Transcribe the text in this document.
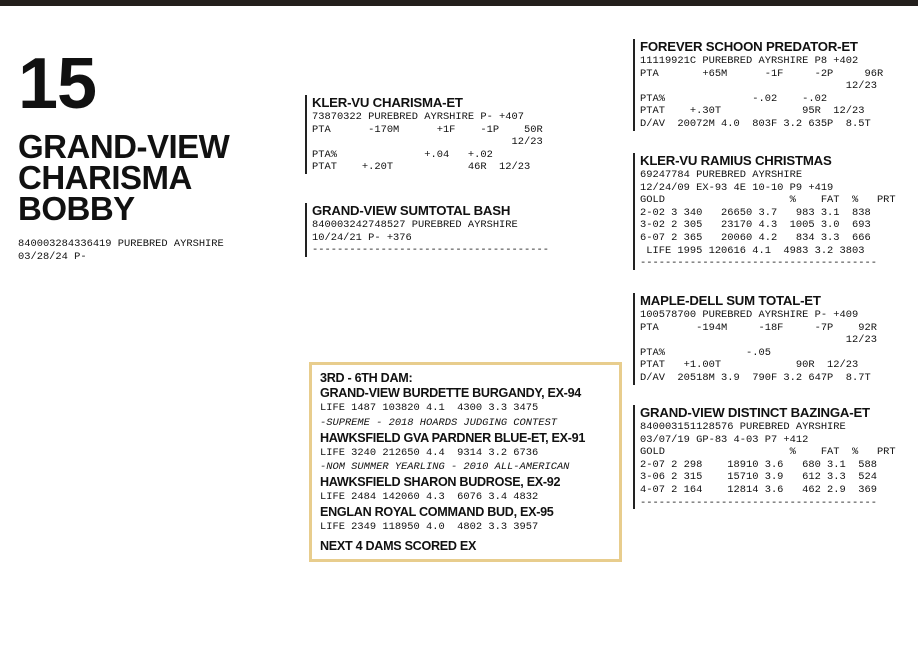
15
GRAND-VIEW
CHARISMA
BOBBY
840003284336419 PUREBRED AYRSHIRE
03/28/24 P-
KLER-VU CHARISMA-ET
73870322 PUREBRED AYRSHIRE P- +407
PTA      -170M      +1F    -1P    50R
12/23
PTA%              +.04   +.02
PTAT    +.20T            46R  12/23
GRAND-VIEW SUMTOTAL BASH
840003242748527 PUREBRED AYRSHIRE
10/24/21 P- +376
--------------------------------------
FOREVER SCHOON PREDATOR-ET
11119921C PUREBRED AYRSHIRE P8 +402
PTA       +65M      -1F     -2P     96R
12/23
PTA%              -.02    -.02
PTAT    +.30T             95R  12/23
D/AV  20072M 4.0  803F 3.2 635P  8.5T
KLER-VU RAMIUS CHRISTMAS
69247784 PUREBRED AYRSHIRE
12/24/09 EX-93 4E 10-10 P9 +419
GOLD                    %    FAT  %   PRT
2-02 3 340   26650 3.7   983 3.1  838
3-02 2 305   23170 4.3  1005 3.0  693
6-07 2 365   20060 4.2   834 3.3  666
LIFE 1995 120616 4.1  4983 3.2 3803
--------------------------------------
MAPLE-DELL SUM TOTAL-ET
100578700 PUREBRED AYRSHIRE P- +409
PTA      -194M     -18F     -7P    92R
12/23
PTA%             -.05
PTAT   +1.00T            90R  12/23
D/AV  20518M 3.9  790F 3.2 647P  8.7T
GRAND-VIEW DISTINCT BAZINGA-ET
840003151128576 PUREBRED AYRSHIRE
03/07/19 GP-83 4-03 P7 +412
GOLD                    %    FAT  %   PRT
2-07 2 298    18910 3.6   680 3.1  588
3-06 2 315    15710 3.9   612 3.3  524
4-07 2 164    12814 3.6   462 2.9  369
--------------------------------------
3RD - 6TH DAM:
GRAND-VIEW BURDETTE BURGANDY, EX-94
LIFE 1487 103820 4.1  4300 3.3 3475
-SUPREME - 2018 HOARDS JUDGING CONTEST
HAWKSFIELD GVA PARDNER BLUE-ET, EX-91
LIFE 3240 212650 4.4  9314 3.2 6736
-NOM SUMMER YEARLING - 2010 ALL-AMERICAN
HAWKSFIELD SHARON BUDROSE, EX-92
LIFE 2484 142060 4.3  6076 3.4 4832
ENGLAN ROYAL COMMAND BUD, EX-95
LIFE 2349 118950 4.0  4802 3.3 3957
NEXT 4 DAMS SCORED EX
